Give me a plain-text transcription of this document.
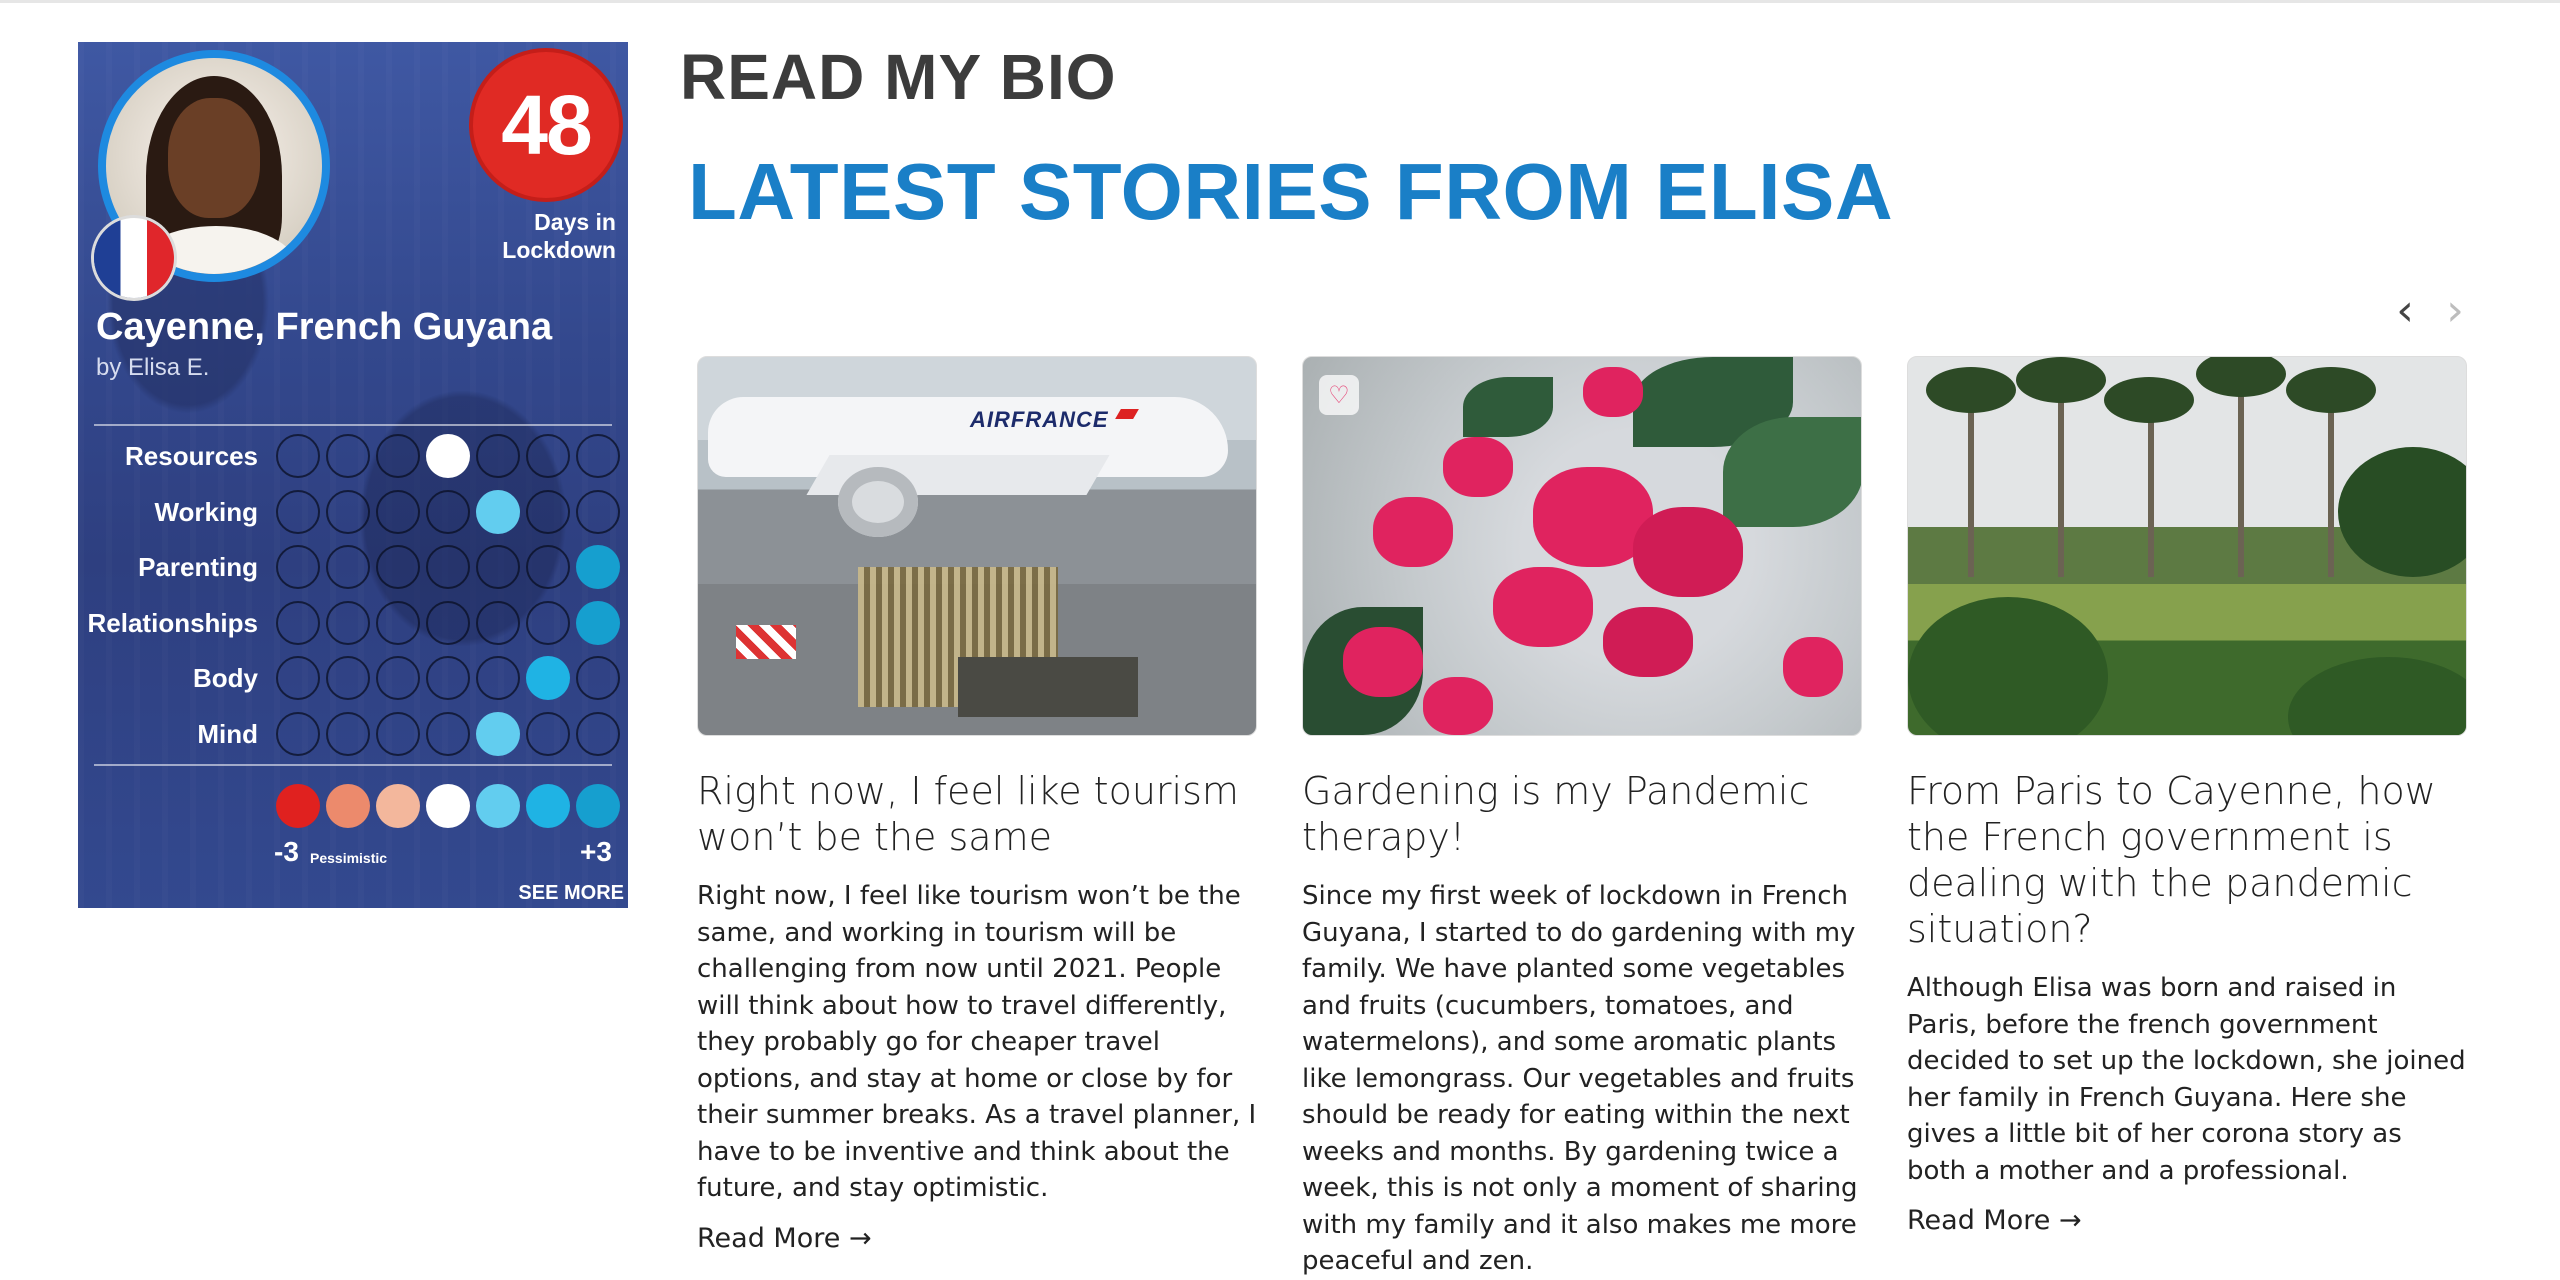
48
Days in
Lockdown
Cayenne, French Guyana
by Elisa E.
Resources
Working
Parenting
Relationships
Body
Mind
-3 Pessimistic	+3
SEE MORE
READ MY BIO
LATEST STORIES FROM ELISA
‹ ›
AIRFRANCE
Right now, I feel like tourism won’t be the same
Right now, I feel like tourism won’t be the same, and working in tourism will be challenging from now until 2021. People will think about how to travel differently, they probably go for cheaper travel options, and stay at home or close by for their summer breaks. As a travel planner, I have to be inventive and think about the future, and stay optimistic.
Read More →
♡
Gardening is my Pandemic therapy!
Since my first week of lockdown in French Guyana, I started to do gardening with my family. We have planted some vegetables and fruits (cucumbers, tomatoes, and watermelons), and some aromatic plants like lemongrass. Our vegetables and fruits should be ready for eating within the next weeks and months. By gardening twice a week, this is not only a moment of sharing with my family and it also makes me more peaceful and zen.
From Paris to Cayenne, how the French government is dealing with the pandemic situation?
Although Elisa was born and raised in Paris, before the french government decided to set up the lockdown, she joined her family in French Guyana. Here she gives a little bit of her corona story as both a mother and a professional.
Read More →
